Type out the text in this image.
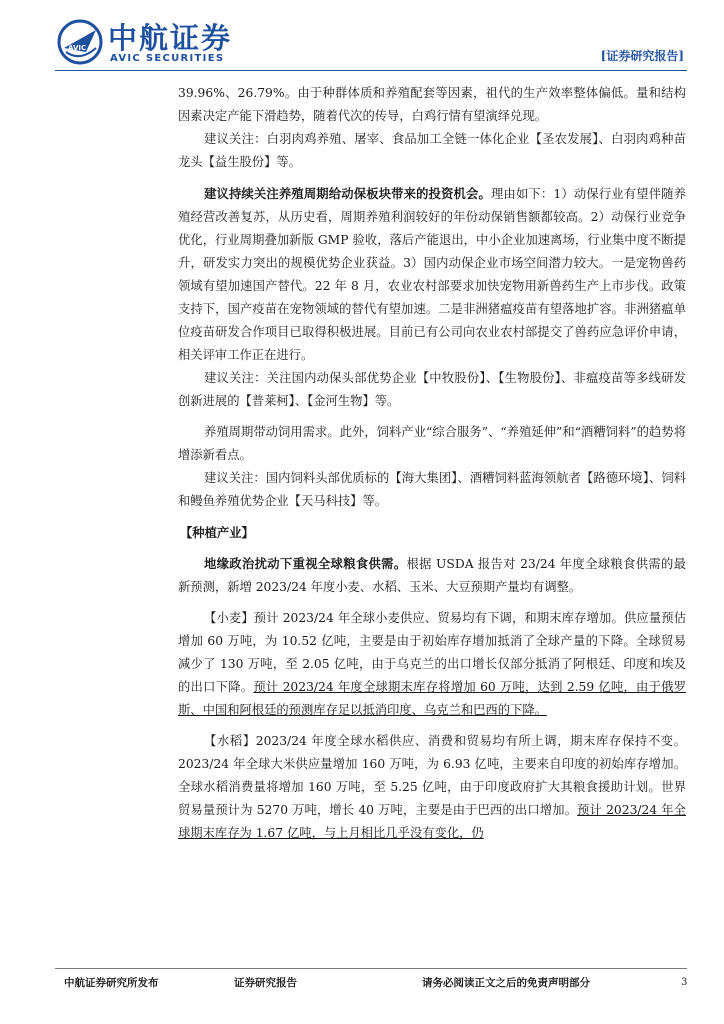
AVIC 中航证券
AVIC SECURITIES	[证券研究报告]

39.96%、26.79%。由于种群体质和养殖配套等因素，祖代的生产效率整体偏低。量和结构因素决定产能下滑趋势，随着代次的传导，白鸡行情有望演绎兑现。

建议关注：白羽肉鸡养殖、屠宰、食品加工全链一体化企业【圣农发展】、白羽肉鸡种苗龙头【益生股份】等。

建议持续关注养殖周期给动保板块带来的投资机会。理由如下：1）动保行业有望伴随养殖经营改善复苏，从历史看，周期养殖利润较好的年份动保销售额都较高。2）动保行业竞争优化，行业周期叠加新版 GMP 验收，落后产能退出，中小企业加速离场，行业集中度不断提升，研发实力突出的规模优势企业获益。3）国内动保企业市场空间潜力较大。一是宠物兽药领域有望加速国产替代。22 年 8 月，农业农村部要求加快宠物用新兽药生产上市步伐。政策支持下，国产疫苗在宠物领域的替代有望加速。二是非洲猪瘟疫苗有望落地扩容。非洲猪瘟单位疫苗研发合作项目已取得积极进展。目前已有公司向农业农村部提交了兽药应急评价申请，相关评审工作正在进行。

建议关注：关注国内动保头部优势企业【中牧股份】、【生物股份】、非瘟疫苗等多线研发创新进展的【普莱柯】、【金河生物】等。

养殖周期带动饲用需求。此外，饲料产业“综合服务”、“养殖延伸”和“酒糟饲料”的趋势将增添新看点。

建议关注：国内饲料头部优质标的【海大集团】、酒糟饲料蓝海领航者【路德环境】、饲料和鳗鱼养殖优势企业【天马科技】等。

【种植产业】

地缘政治扰动下重视全球粮食供需。根据 USDA 报告对 23/24 年度全球粮食供需的最新预测，新増 2023/24 年度小麦、水稻、玉米、大豆预期产量均有调整。

【小麦】预计 2023/24 年全球小麦供应、贸易均有下调，和期末库存增加。供应量预估增加 60 万吨，为 10.52 亿吨，主要是由于初始库存增加抵消了全球产量的下降。全球贸易减少了 130 万吨，至 2.05 亿吨，由于乌克兰的出口增长仅部分抵消了阿根廷、印度和埃及的出口下降。预计 2023/24 年度全球期末库存将增加 60 万吨，达到 2.59 亿吨，由于俄罗斯、中国和阿根廷的预测库存足以抵消印度、乌克兰和巴西的下降。

【水稻】2023/24 年度全球水稻供应、消费和贸易均有所上调，期末库存保持不变。2023/24 年全球大米供应量增加 160 万吨，为 6.93 亿吨，主要来自印度的初始库存增加。全球水稻消费量将增加 160 万吨，至 5.25 亿吨，由于印度政府扩大其粮食援助计划。世界贸易量预计为 5270 万吨，增长 40 万吨，主要是由于巴西的出口增加。预计 2023/24 年全球期末库存为 1.67 亿吨，与上月相比几乎没有变化，仍

中航证券研究所发布	证券研究报告	请务必阅读正文之后的免责声明部分	3
